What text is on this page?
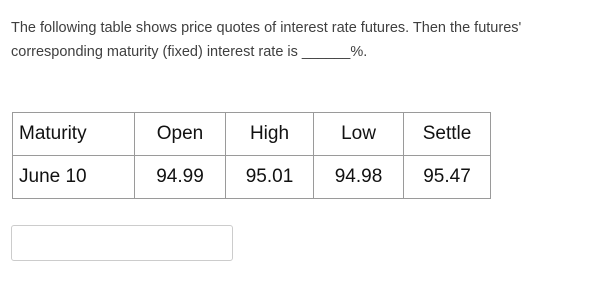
The following table shows price quotes of interest rate futures. Then the futures'
corresponding maturity (fixed) interest rate is ______%.
Maturity	Open	High	Low	Settle
June 10	94.99	95.01	94.98	95.47
